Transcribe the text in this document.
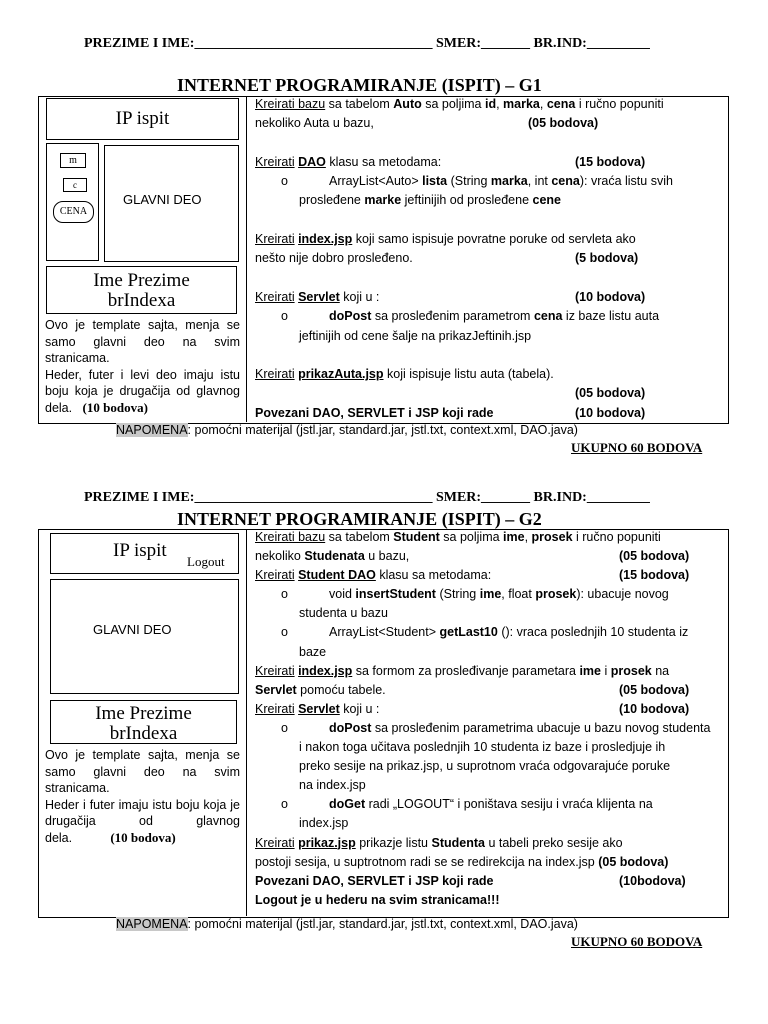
PREZIME I IME:__________________________________ SMER:_______ BR.IND:_________
INTERNET PROGRAMIRANJE (ISPIT) – G1
IP ispit
m
c
CENA
GLAVNI DEO
Ime Prezime
brIndexa
Ovo je template sajta, menja se samo glavni deo na svim stranicama.
Heder, futer i levi deo imaju istu boju koja je drugačija od glavnog dela. (10 bodova)
Kreirati bazu sa tabelom Auto sa poljima id, marka, cena i ručno popuniti
nekoliko Auta u bazu,	(05 bodova)
Kreirati DAO klasu sa metodama:	(15 bodova)
o	ArrayList<Auto> lista (String marka, int cena): vraća listu svih
prosleđene marke jeftinijih od prosleđene cene
Kreirati index.jsp koji samo ispisuje povratne poruke od servleta ako
nešto nije dobro prosleđeno.	(5 bodova)
Kreirati Servlet koji u :	(10 bodova)
o	doPost sa prosleđenim parametrom cena iz baze listu auta
jeftinijih od cene šalje na prikazJeftinih.jsp
Kreirati prikazAuta.jsp koji ispisuje listu auta (tabela).
(05 bodova)
Povezani DAO, SERVLET i JSP koji rade	(10 bodova)
NAPOMENA: pomoćni materijal (jstl.jar, standard.jar, jstl.txt, context.xml, DAO.java)
UKUPNO 60 BODOVA
PREZIME I IME:__________________________________ SMER:_______ BR.IND:_________
INTERNET PROGRAMIRANJE (ISPIT) – G2
IP ispit
Logout
GLAVNI DEO
Ime Prezime
brIndexa
Ovo je template sajta, menja se samo glavni deo na svim stranicama.
Heder i futer imaju istu boju koja je drugačija od glavnog dela.	(10 bodova)
Kreirati bazu sa tabelom Student sa poljima ime, prosek i ručno popuniti
nekoliko Studenata u bazu,	(05 bodova)
Kreirati Student DAO klasu sa metodama:	(15 bodova)
o	void insertStudent (String ime, float prosek): ubacuje novog
studenta u bazu
o	ArrayList<Student> getLast10 (): vraca poslednjih 10 studenta iz
baze
Kreirati index.jsp sa formom za prosleđivanje parametara ime i prosek na
Servlet pomoću tabele.	(05 bodova)
Kreirati Servlet koji u :	(10 bodova)
o	doPost sa prosleđenim parametrima ubacuje u bazu novog studenta
i nakon toga učitava poslednjih 10 studenta iz baze i prosledjuje ih
preko sesije na prikaz.jsp, u suprotnom vraća odgovarajuće poruke
na index.jsp
o	doGet radi „LOGOUT“ i poništava sesiju i vraća klijenta na
index.jsp
Kreirati prikaz.jsp prikazje listu Studenta u tabeli preko sesije ako
postoji sesija, u suptrotnom radi se se redirekcija na index.jsp (05 bodova)
Povezani DAO, SERVLET i JSP koji rade	(10bodova)
Logout je u hederu na svim stranicama!!!
NAPOMENA: pomoćni materijal (jstl.jar, standard.jar, jstl.txt, context.xml, DAO.java)
UKUPNO 60 BODOVA
